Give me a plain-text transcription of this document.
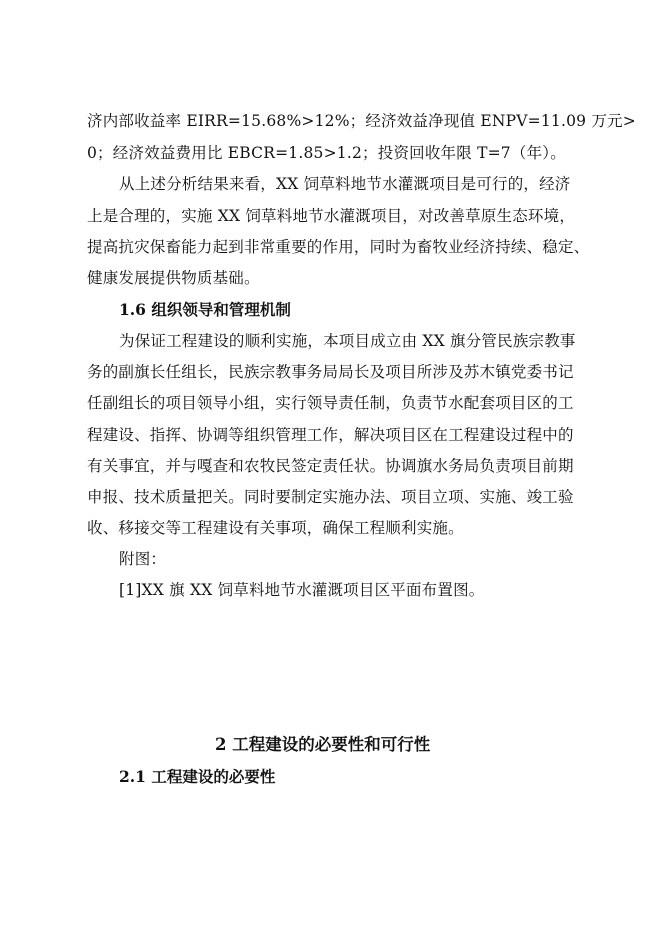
济内部收益率 EIRR=15.68%>12%；经济效益净现值 ENPV=11.09 万元>
0；经济效益费用比 EBCR=1.85>1.2；投资回收年限 T=7（年）。
从上述分析结果来看，XX 饲草料地节水灌溉项目是可行的，经济
上是合理的，实施 XX 饲草料地节水灌溉项目，对改善草原生态环境，
提高抗灾保畜能力起到非常重要的作用，同时为畜牧业经济持续、稳定、
健康发展提供物质基础。
1.6 组织领导和管理机制
为保证工程建设的顺利实施，本项目成立由 XX 旗分管民族宗教事
务的副旗长任组长，民族宗教事务局局长及项目所涉及苏木镇党委书记
任副组长的项目领导小组，实行领导责任制，负责节水配套项目区的工
程建设、指挥、协调等组织管理工作，解决项目区在工程建设过程中的
有关事宜，并与嘎查和农牧民签定责任状。协调旗水务局负责项目前期
申报、技术质量把关。同时要制定实施办法、项目立项、实施、竣工验
收、移接交等工程建设有关事项，确保工程顺利实施。
附图：
[1]XX 旗 XX 饲草料地节水灌溉项目区平面布置图。
2 工程建设的必要性和可行性
2.1 工程建设的必要性
